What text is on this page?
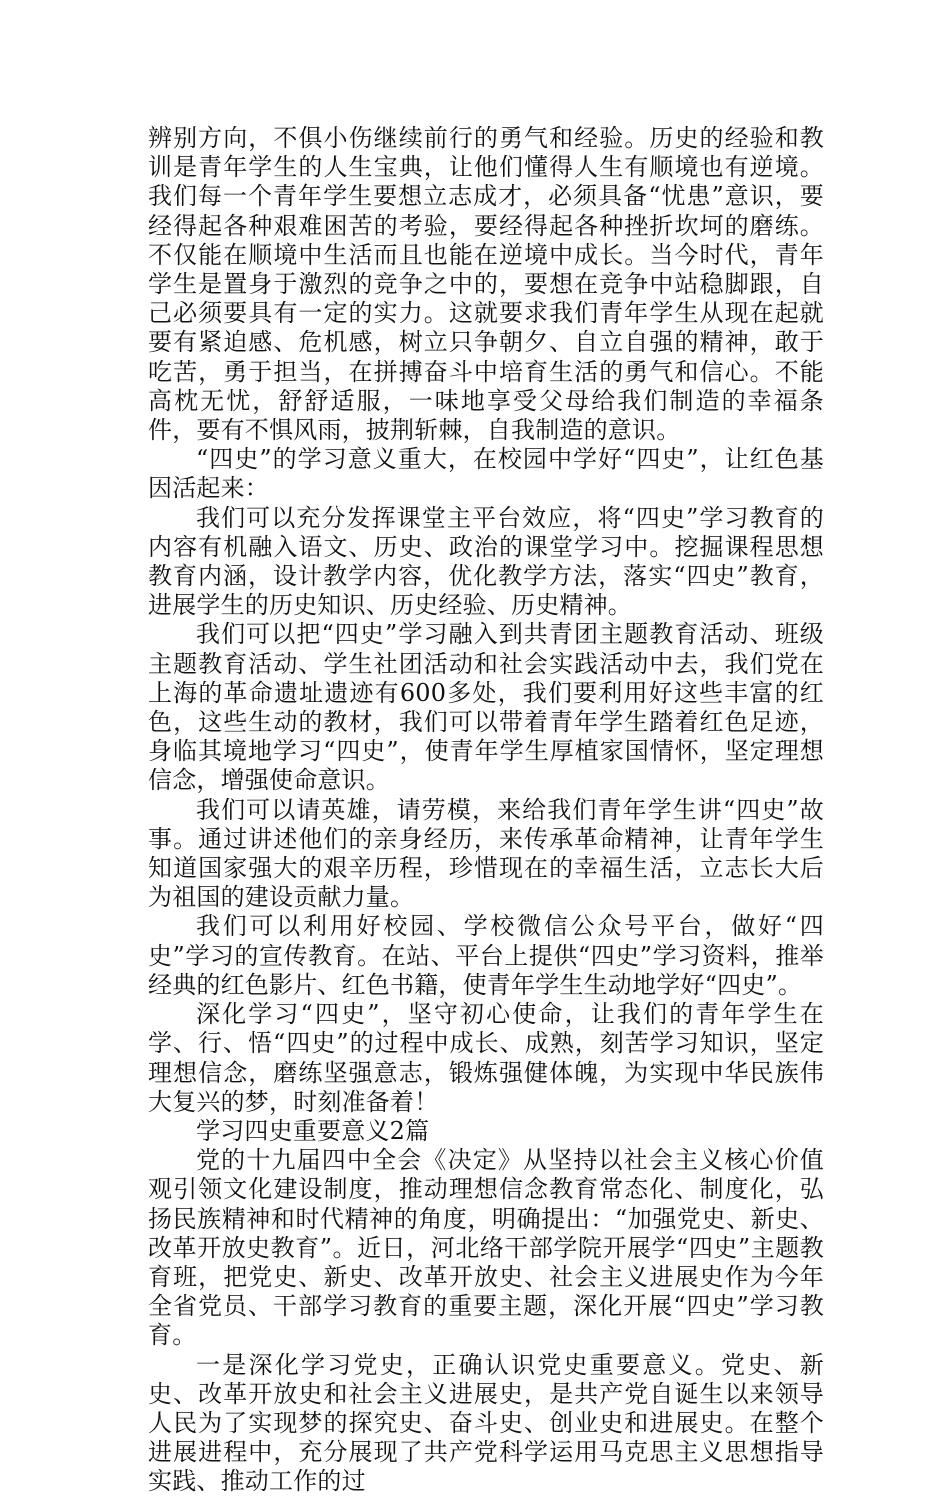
辨别方向，不俱小伤继续前行的勇气和经验。历史的经验和教训是青年学生的人生宝典，让他们懂得人生有顺境也有逆境。我们每一个青年学生要想立志成才，必须具备“忧患”意识，要经得起各种艰难困苦的考验，要经得起各种挫折坎坷的磨练。不仅能在顺境中生活而且也能在逆境中成长。当今时代，青年学生是置身于激烈的竞争之中的，要想在竞争中站稳脚跟，自己必须要具有一定的实力。这就要求我们青年学生从现在起就要有紧迫感、危机感，树立只争朝夕、自立自强的精神，敢于吃苦，勇于担当，在拼搏奋斗中培育生活的勇气和信心。不能高枕无忧，舒舒适服，一味地享受父母给我们制造的幸福条件，要有不惧风雨，披荆斩棘，自我制造的意识。

“四史”的学习意义重大，在校园中学好“四史”，让红色基因活起来：

我们可以充分发挥课堂主平台效应，将“四史”学习教育的内容有机融入语文、历史、政治的课堂学习中。挖掘课程思想教育内涵，设计教学内容，优化教学方法，落实“四史”教育，进展学生的历史知识、历史经验、历史精神。

我们可以把“四史”学习融入到共青团主题教育活动、班级主题教育活动、学生社团活动和社会实践活动中去，我们党在上海的革命遗址遗迹有600多处，我们要利用好这些丰富的红色，这些生动的教材，我们可以带着青年学生踏着红色足迹，身临其境地学习“四史”，使青年学生厚植家国情怀，坚定理想信念，增强使命意识。

我们可以请英雄，请劳模，来给我们青年学生讲“四史”故事。通过讲述他们的亲身经历，来传承革命精神，让青年学生知道国家强大的艰辛历程，珍惜现在的幸福生活，立志长大后为祖国的建设贡献力量。

我们可以利用好校园、学校微信公众号平台，做好“四史”学习的宣传教育。在站、平台上提供“四史”学习资料，推举经典的红色影片、红色书籍，使青年学生生动地学好“四史”。

深化学习“四史”，坚守初心使命，让我们的青年学生在学、行、悟“四史”的过程中成长、成熟，刻苦学习知识，坚定理想信念，磨练坚强意志，锻炼强健体魄，为实现中华民族伟大复兴的梦，时刻准备着！

学习四史重要意义2篇

党的十九届四中全会《决定》从坚持以社会主义核心价值观引领文化建设制度，推动理想信念教育常态化、制度化，弘扬民族精神和时代精神的角度，明确提出：“加强党史、新史、改革开放史教育”。近日，河北络干部学院开展学“四史”主题教育班，把党史、新史、改革开放史、社会主义进展史作为今年全省党员、干部学习教育的重要主题，深化开展“四史”学习教育。

一是深化学习党史，正确认识党史重要意义。党史、新史、改革开放史和社会主义进展史，是共产党自诞生以来领导人民为了实现梦的探究史、奋斗史、创业史和进展史。在整个进展进程中，充分展现了共产党科学运用马克思主义思想指导实践、推动工作的过
